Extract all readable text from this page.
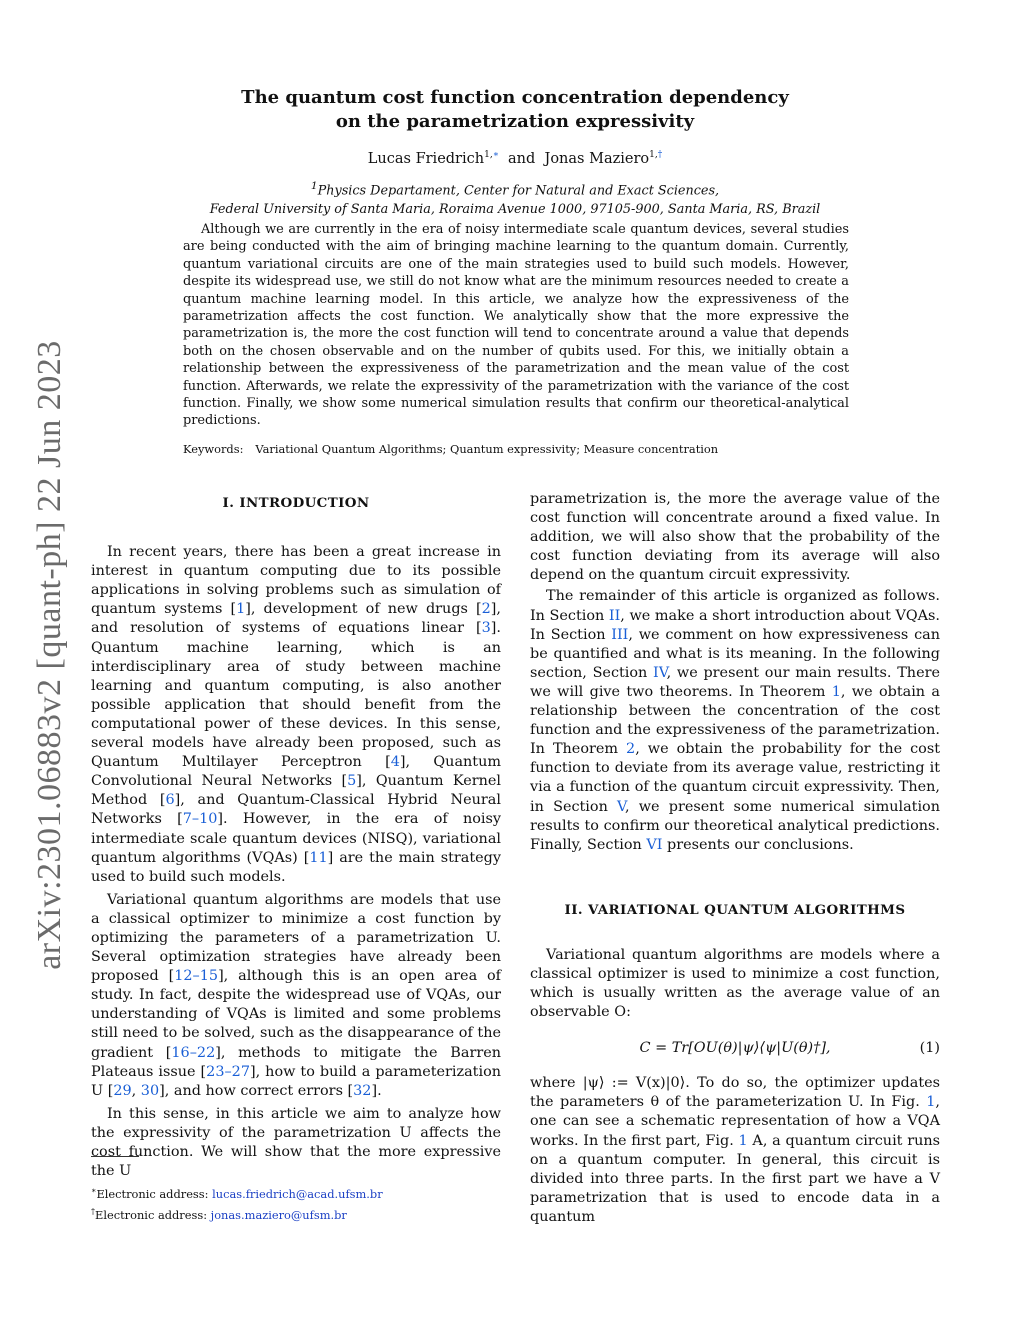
arXiv:2301.06883v2 [quant-ph] 22 Jun 2023
The quantum cost function concentration dependency
on the parametrization expressivity
Lucas Friedrich$^{1,∗}$ and Jonas Maziero$^{1,\dagger}$
$^1$Physics Departament, Center for Natural and Exact Sciences,
Federal University of Santa Maria, Roraima Avenue 1000, 97105-900, Santa Maria, RS, Brazil

Although we are currently in the era of noisy intermediate scale quantum devices, several studies are being conducted with the aim of bringing machine learning to the quantum domain. Currently, quantum variational circuits are one of the main strategies used to build such models. However, despite its widespread use, we still do not know what are the minimum resources needed to create a quantum machine learning model. In this article, we analyze how the expressiveness of the parametrization affects the cost function. We analytically show that the more expressive the parametrization is, the more the cost function will tend to concentrate around a value that depends both on the chosen observable and on the number of qubits used. For this, we initially obtain a relationship between the expressiveness of the parametrization and the mean value of the cost function. Afterwards, we relate the expressivity of the parametrization with the variance of the cost function. Finally, we show some numerical simulation results that confirm our theoretical-analytical predictions.

Keywords: Variational Quantum Algorithms; Quantum expressivity; Measure concentration
I. INTRODUCTION

In recent years, there has been a great increase in interest in quantum computing due to its possible applications in solving problems such as simulation of quantum systems [1], development of new drugs [2], and resolution of systems of equations linear [3]. Quantum machine learning, which is an interdisciplinary area of study between machine learning and quantum computing, is also another possible application that should benefit from the computational power of these devices. In this sense, several models have already been proposed, such as Quantum Multilayer Perceptron [4], Quantum Convolutional Neural Networks [5], Quantum Kernel Method [6], and Quantum-Classical Hybrid Neural Networks [7–10]. However, in the era of noisy intermediate scale quantum devices (NISQ), variational quantum algorithms (VQAs) [11] are the main strategy used to build such models.

Variational quantum algorithms are models that use a classical optimizer to minimize a cost function by optimizing the parameters of a parametrization U. Several optimization strategies have already been proposed [12–15], although this is an open area of study. In fact, despite the widespread use of VQAs, our understanding of VQAs is limited and some problems still need to be solved, such as the disappearance of the gradient [16–22], methods to mitigate the Barren Plateaus issue [23–27], how to build a parameterization U [29, 30], and how correct errors [32].

In this sense, in this article we aim to analyze how the expressivity of the parametrization U affects the cost function. We will show that the more expressive the U

∗Electronic address: lucas.friedrich@acad.ufsm.br
†Electronic address: jonas.maziero@ufsm.br

parametrization is, the more the average value of the cost function will concentrate around a fixed value. In addition, we will also show that the probability of the cost function deviating from its average will also depend on the quantum circuit expressivity.

The remainder of this article is organized as follows. In Section II, we make a short introduction about VQAs. In Section III, we comment on how expressiveness can be quantified and what is its meaning. In the following section, Section IV, we present our main results. There we will give two theorems. In Theorem 1, we obtain a relationship between the concentration of the cost function and the expressiveness of the parametrization. In Theorem 2, we obtain the probability for the cost function to deviate from its average value, restricting it via a function of the quantum circuit expressivity. Then, in Section V, we present some numerical simulation results to confirm our theoretical analytical predictions. Finally, Section VI presents our conclusions.

II. VARIATIONAL QUANTUM ALGORITHMS

Variational quantum algorithms are models where a classical optimizer is used to minimize a cost function, which is usually written as the average value of an observable O:

C = Tr[OU(θ)|ψ⟩⟨ψ|U(θ)†],	(1)

where |ψ⟩ := V(x)|0⟩. To do so, the optimizer updates the parameters θ of the parameterization U. In Fig. 1, one can see a schematic representation of how a VQA works. In the first part, Fig. 1 A, a quantum circuit runs on a quantum computer. In general, this circuit is divided into three parts. In the first part we have a V parametrization that is used to encode data in a quantum
